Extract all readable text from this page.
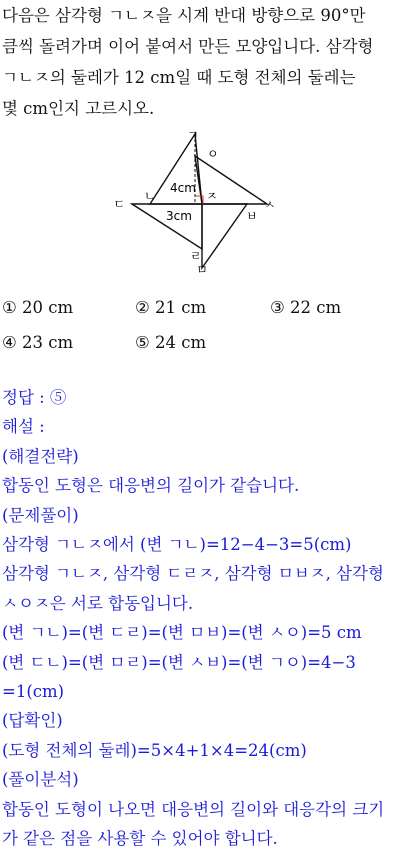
다음은 삼각형 ㄱㄴㅈ을 시계 반대 방향으로 90°만

큼씩 돌려가며 이어 붙여서 만든 모양입니다. 삼각형

ㄱㄴㅈ의 둘레가 12 cm일 때 도형 전체의 둘레는

몇 cm인지 고르시오.

ㄱ
ㅇ
ㄴ
ㄷ
ㅈ
ㅂ
ㅅ
ㄹ
ㅁ
4cm
3cm
① 20 cm	② 21 cm	③ 22 cm
④ 23 cm	⑤ 24 cm

정답 : ⑤

해설 :

(해결전략)

합동인 도형은 대응변의 길이가 같습니다.

(문제풀이)

삼각형 ㄱㄴㅈ에서 (변 ㄱㄴ)=12−4−3=5(cm)

삼각형 ㄱㄴㅈ, 삼각형 ㄷㄹㅈ, 삼각형 ㅁㅂㅈ, 삼각형

ㅅㅇㅈ은 서로 합동입니다.

(변 ㄱㄴ)=(변 ㄷㄹ)=(변 ㅁㅂ)=(변 ㅅㅇ)=5 cm

(변 ㄷㄴ)=(변 ㅁㄹ)=(변 ㅅㅂ)=(변 ㄱㅇ)=4−3

=1(cm)

(답확인)

(도형 전체의 둘레)=5×4+1×4=24(cm)

(풀이분석)

합동인 도형이 나오면 대응변의 길이와 대응각의 크기

가 같은 점을 사용할 수 있어야 합니다.
